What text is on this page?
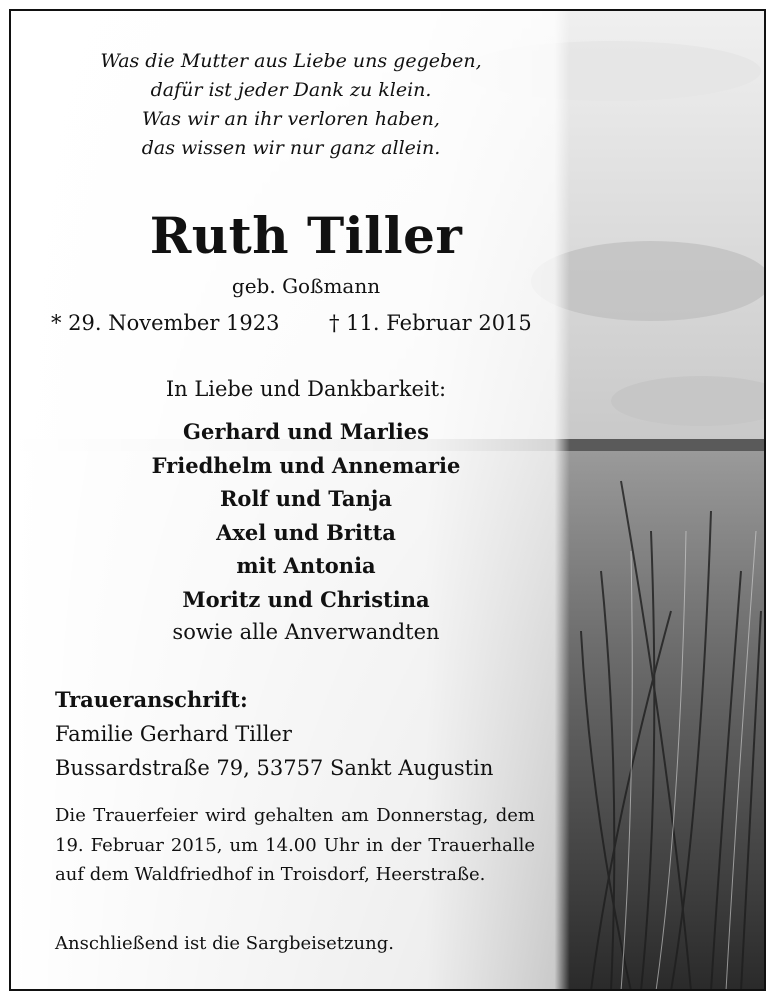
Was die Mutter aus Liebe uns gegeben,
dafür ist jeder Dank zu klein.
Was wir an ihr verloren haben,
das wissen wir nur ganz allein.
Ruth Tiller
geb. Goßmann
* 29. November 1923 † 11. Februar 2015
In Liebe und Dankbarkeit:
Gerhard und Marlies
Friedhelm und Annemarie
Rolf und Tanja
Axel und Britta
mit Antonia
Moritz und Christina
sowie alle Anverwandten
Traueranschrift:
Familie Gerhard Tiller
Bussardstraße 79, 53757 Sankt Augustin
Die Trauerfeier wird gehalten am Donnerstag, dem 19. Februar 2015, um 14.00 Uhr in der Trauerhalle auf dem Waldfriedhof in Troisdorf, Heerstraße.
Anschließend ist die Sargbeisetzung.
